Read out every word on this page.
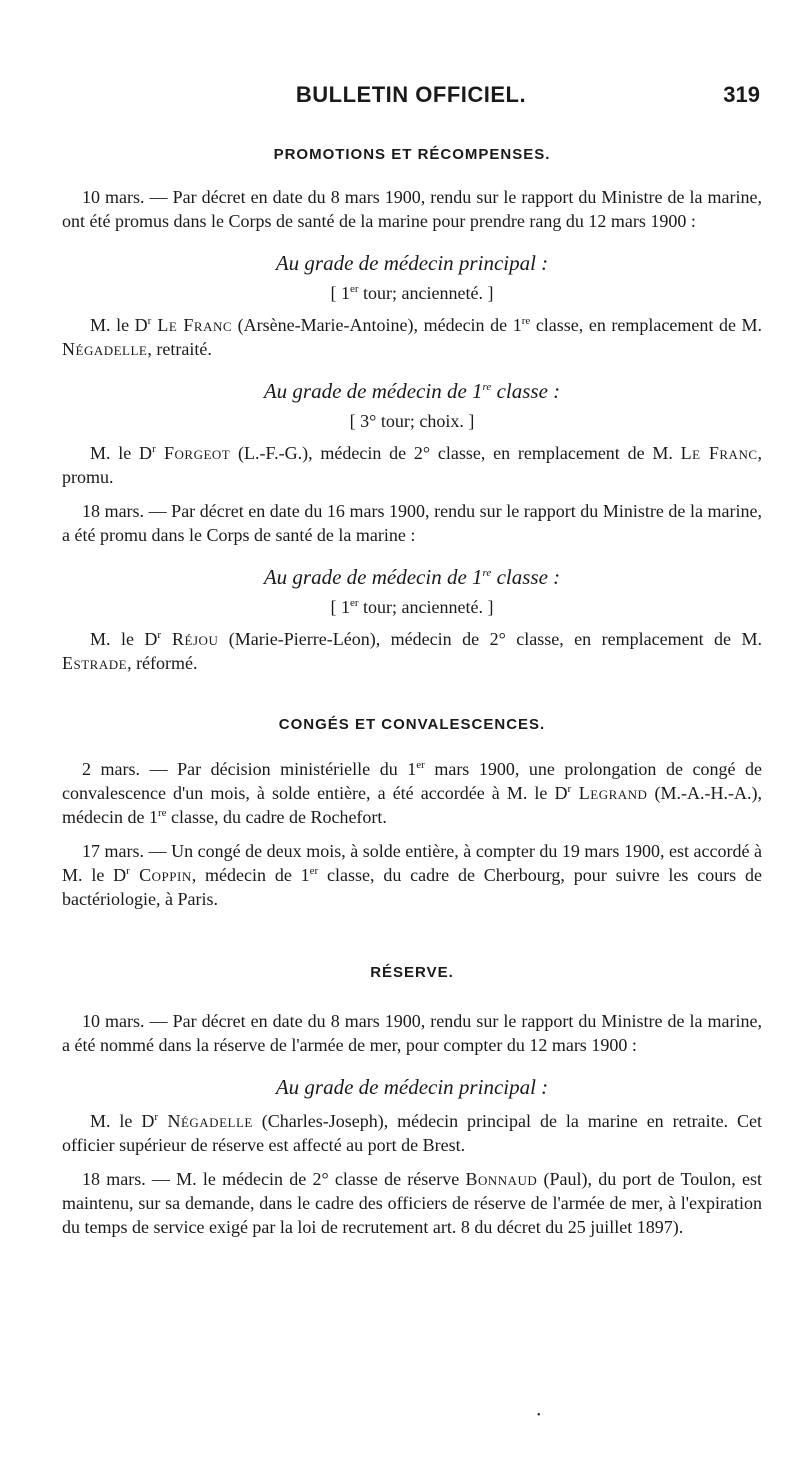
BULLETIN OFFICIEL.	319
PROMOTIONS ET RÉCOMPENSES.

10 mars. — Par décret en date du 8 mars 1900, rendu sur le rapport du Ministre de la marine, ont été promus dans le Corps de santé de la marine pour prendre rang du 12 mars 1900 :

Au grade de médecin principal :

[ 1er tour; ancienneté. ]

M. le $D^r$ Le Franc (Arsène-Marie-Antoine), médecin de 1re classe, en remplacement de M. Négadelle, retraité.

Au grade de médecin de 1re classe :

[ 3° tour; choix. ]

M. le $D^r$ Forgeot (L.-F.-G.), médecin de 2° classe, en remplacement de M. Le Franc, promu.

18 mars. — Par décret en date du 16 mars 1900, rendu sur le rapport du Ministre de la marine, a été promu dans le Corps de santé de la marine :

Au grade de médecin de 1re classe :

[ 1er tour; ancienneté. ]

M. le $D^r$ Réjou (Marie-Pierre-Léon), médecin de 2° classe, en remplacement de M. Estrade, réformé.

CONGÉS ET CONVALESCENCES.

2 mars. — Par décision ministérielle du 1er mars 1900, une prolongation de congé de convalescence d'un mois, à solde entière, a été accordée à M. le $D^r$ Legrand (M.-A.-H.-A.), médecin de 1re classe, du cadre de Rochefort.

17 mars. — Un congé de deux mois, à solde entière, à compter du 19 mars 1900, est accordé à M. le $D^r$ Coppin, médecin de 1er classe, du cadre de Cherbourg, pour suivre les cours de bactériologie, à Paris.

RÉSERVE.

10 mars. — Par décret en date du 8 mars 1900, rendu sur le rapport du Ministre de la marine, a été nommé dans la réserve de l'armée de mer, pour compter du 12 mars 1900 :

Au grade de médecin principal :

M. le $D^r$ Négadelle (Charles-Joseph), médecin principal de la marine en retraite. Cet officier supérieur de réserve est affecté au port de Brest.

18 mars. — M. le médecin de 2° classe de réserve Bonnaud (Paul), du port de Toulon, est maintenu, sur sa demande, dans le cadre des officiers de réserve de l'armée de mer, à l'expiration du temps de service exigé par la loi de recrutement art. 8 du décret du 25 juillet 1897).

•
